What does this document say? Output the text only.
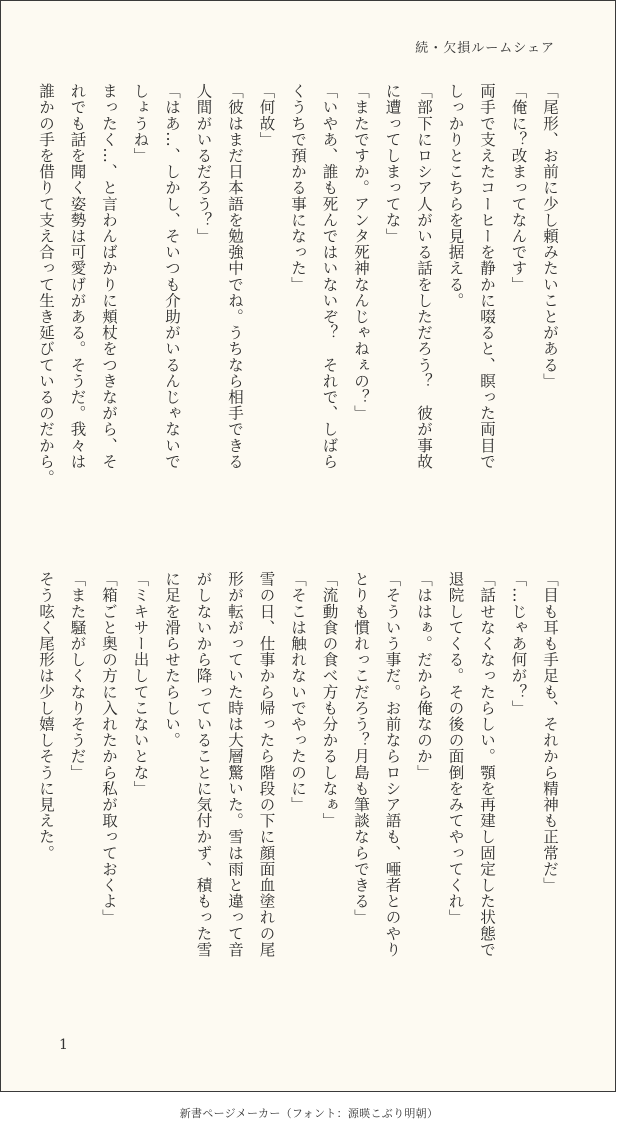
続・欠損ルームシェア
「尾形、お前に少し頼みたいことがある」
「俺に？改まってなんです」
両手で支えたコーヒーを静かに啜ると、瞑った両目で
しっかりとこちらを見据える。
「部下にロシア人がいる話をしただろう？　彼が事故
に遭ってしまってな」
「またですか。アンタ死神なんじゃねぇの？」
「いやあ、誰も死んではいないぞ？　それで、しばら
くうちで預かる事になった」
「何故」
「彼はまだ日本語を勉強中でね。うちなら相手できる
人間がいるだろう？」
「はあ…、しかし、そいつも介助がいるんじゃないで
しょうね」
まったく…、と言わんばかりに頬杖をつきながら、そ
れでも話を聞く姿勢は可愛げがある。そうだ。我々は
誰かの手を借りて支え合って生き延びているのだから。
「目も耳も手足も、それから精神も正常だ」
「…じゃあ何が？」
「話せなくなったらしい。顎を再建し固定した状態で
退院してくる。その後の面倒をみてやってくれ」
「ははぁ。だから俺なのか」
「そういう事だ。お前ならロシア語も、唖者とのやり
とりも慣れっこだろう？月島も筆談ならできる」
「流動食の食べ方も分かるしなぁ」
「そこは触れないでやったのに」
雪の日、仕事から帰ったら階段の下に顔面血塗れの尾
形が転がっていた時は大層驚いた。雪は雨と違って音
がしないから降っていることに気付かず、積もった雪
に足を滑らせたらしい。
「ミキサー出してこないとな」
「箱ごと奥の方に入れたから私が取っておくよ」
「また騒がしくなりそうだ」
そう呟く尾形は少し嬉しそうに見えた。
1
新書ページメーカー（フォント：源暎こぶり明朝）
